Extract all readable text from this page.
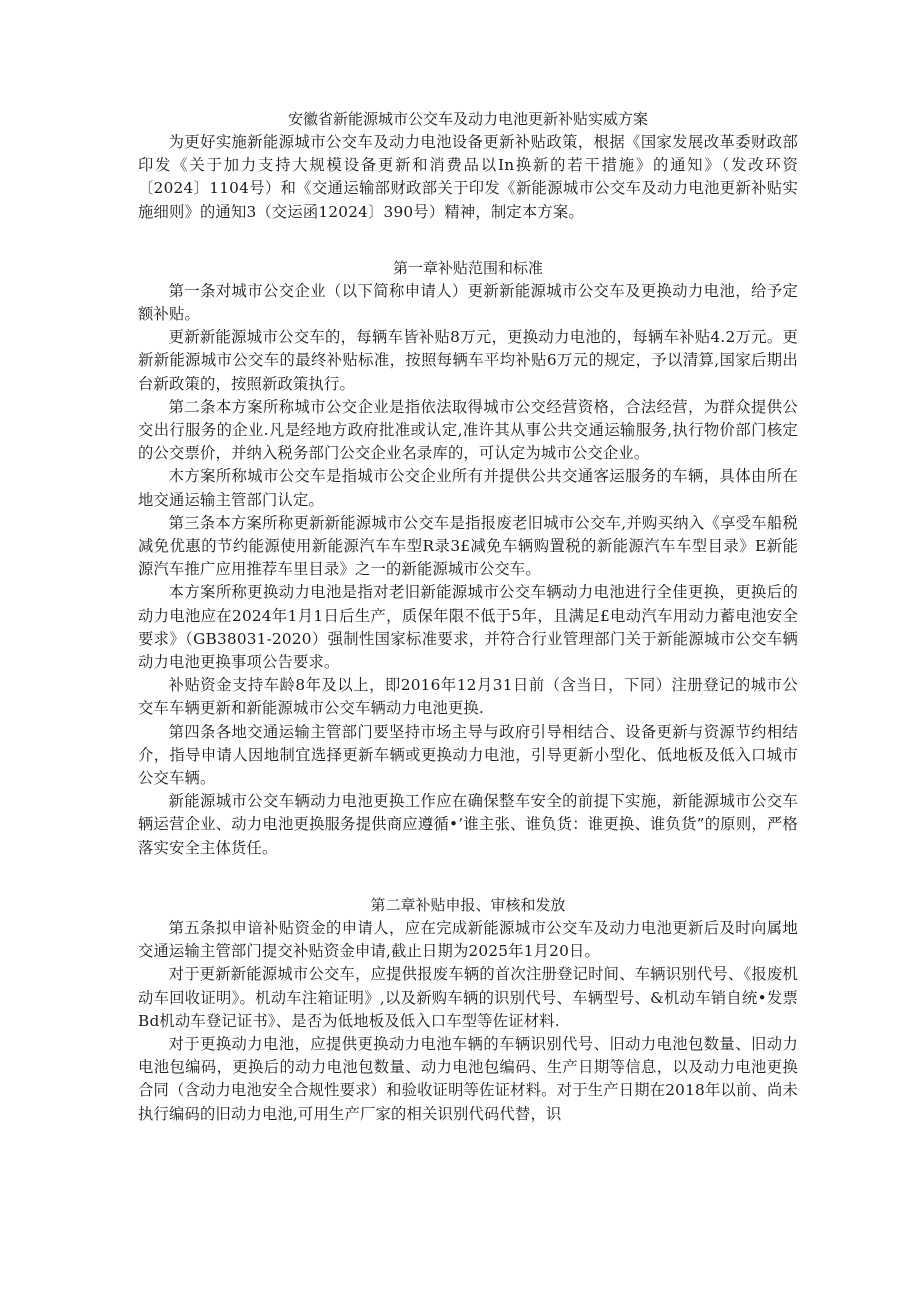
安徽省新能源城市公交车及动力电池更新补贴实威方案

为更好实施新能源城市公交车及动力电池设备更新补贴政策，根据《国家发展改革委财政部印发《关于加力支持大规模设备更新和消费品以In换新的若干措施》的通知》（发改环资〔2024〕1104号）和《交通运输部财政部关于印发《新能源城市公交车及动力电池更新补贴实施细则》的通知3（交运函12024〕390号）精神，制定本方案。

第一章补贴范围和标准

第一条对城市公交企业（以下简称申请人）更新新能源城市公交车及更换动力电池，给予定额补贴。

更新新能源城市公交车的，每辆车皆补贴8万元，更换动力电池的，每辆车补贴4.2万元。更新新能源城市公交车的最终补贴标准，按照每辆车平均补贴6万元的规定，予以清算,国家后期出台新政策的，按照新政策执行。

第二条本方案所称城市公交企业是指依法取得城市公交经营资格，合法经营，为群众提供公交出行服务的企业.凡是经地方政府批准或认定,准许其从事公共交通运输服务,执行物价部门核定的公交票价，并纳入税务部门公交企业名录库的，可认定为城市公交企业。

木方案所称城市公交车是指城市公交企业所有并提供公共交通客运服务的车辆，具体由所在地交通运输主管部门认定。

第三条本方案所称更新新能源城市公交车是指报废老旧城市公交车,并购买纳入《享受车船税减免优惠的节约能源使用新能源汽车车型R录3£减免车辆购置税的新能源汽车车型目录》E新能源汽车推广应用推荐车里目录》之一的新能源城市公交车。

本方案所称更换动力电池是指对老旧新能源城市公交车辆动力电池进行全佳更换，更换后的动力电池应在2024年1月1日后生产，质保年限不低于5年，且满足£电动汽车用动力蓄电池安全要求》（GB38031-2020）强制性国家标准要求，并符合行业管理部门关于新能源城市公交车辆动力电池更换事项公告要求。

补贴资金支持车龄8年及以上，即2016年12月31日前（含当日，下同）注册登记的城市公交车车辆更新和新能源城市公交车辆动力电池更换.

第四条各地交通运输主管部门要坚持市场主导与政府引导相结合、设备更新与资源节约相结介，指导申请人因地制宜选择更新车辆或更换动力电池，引导更新小型化、低地板及低入口城市公交车辆。

新能源城市公交车辆动力电池更换工作应在确保整车安全的前提下实施，新能源城市公交车辆运营企业、动力电池更换服务提供商应遵循•’谁主张、谁负货：谁更换、谁负货”的原则，严格落实安全主体货任。

第二章补贴申报、审核和发放

第五条拟申谙补贴资金的申请人，应在完成新能源城市公交车及动力电池更新后及时向属地交通运输主管部门提交补贴资金申请,截止日期为2025年1月20日。

对于更新新能源城市公交车，应提供报废车辆的首次注册登记时间、车辆识别代号、《报废机动车回收证明》。机动车注箱证明》,以及新购车辆的识别代号、车辆型号、&机动车销自统•发票Bd机动车登记证书》、是否为低地板及低入口车型等佐证材料.

对于更换动力电池，应提供更换动力电池车辆的车辆识别代号、旧动力电池包数量、旧动力电池包编码，更换后的动力电池包数量、动力电池包编码、生产日期等信息，以及动力电池更换合同（含动力电池安全合规性要求）和验收证明等佐证材料。对于生产日期在2018年以前、尚未执行编码的旧动力电池,可用生产厂家的相关识别代码代替，识
